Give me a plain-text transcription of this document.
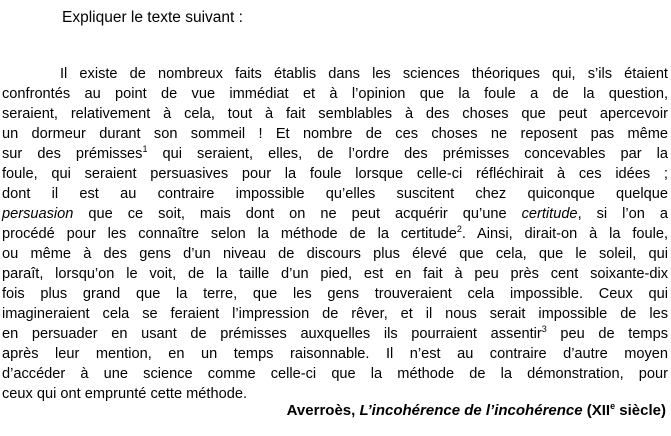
Expliquer le texte suivant :
Il existe de nombreux faits établis dans les sciences théoriques qui, s’ils étaient
confrontés au point de vue immédiat et à l’opinion que la foule a de la question,
seraient, relativement à cela, tout à fait semblables à des choses que peut apercevoir
un dormeur durant son sommeil ! Et nombre de ces choses ne reposent pas même
sur des prémisses$^1$ qui seraient, elles, de l’ordre des prémisses concevables par la
foule, qui seraient persuasives pour la foule lorsque celle-ci réfléchirait à ces idées ;
dont il est au contraire impossible qu’elles suscitent chez quiconque quelque
persuasion que ce soit, mais dont on ne peut acquérir qu’une certitude, si l’on a
procédé pour les connaître selon la méthode de la certitude$^2$. Ainsi, dirait-on à la foule,
ou même à des gens d’un niveau de discours plus élevé que cela, que le soleil, qui
paraît, lorsqu’on le voit, de la taille d’un pied, est en fait à peu près cent soixante-dix
fois plus grand que la terre, que les gens trouveraient cela impossible. Ceux qui
imagineraient cela se feraient l’impression de rêver, et il nous serait impossible de les
en persuader en usant de prémisses auxquelles ils pourraient assentir$^3$ peu de temps
après leur mention, en un temps raisonnable. Il n’est au contraire d’autre moyen
d’accéder à une science comme celle-ci que la méthode de la démonstration, pour
ceux qui ont emprunté cette méthode.
Averroès, L’incohérence de l’incohérence (XIIe siècle)
